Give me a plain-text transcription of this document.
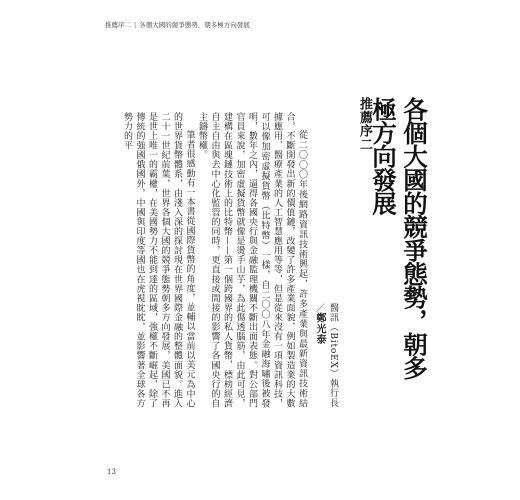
推薦序二 | 各個大國的競爭態勢，朝多極方向發展
推薦序二	各個大國的競爭態勢，朝多極方向發展
醫訊（BitoEX）執行長／鄭光泰

從二〇〇〇年後網路資訊技術興起，許多產業與最新資訊技術結合，不斷開發出新的價值鏈，改變了許多產業面貌，例如製造業的大數據應用、醫療產業的人工智慧應用等等，但是從來沒有一項資訊科技，可以像加密虛擬貨幣（比特幣）一樣，自二〇〇八年金融海嘯後被發明，數年之內，逼得各國央行與金融監理機關不斷出面表態。對公部門官員來說，加密虛擬貨幣就像是燙手山芋，為此傷透腦筋，由此可見，建構在區塊鏈技術上的比特幣——第一個跨國界的私人貨幣，標榜經濟自主自由與去中心化監管的同時，更直接或間接的影響了各國央行的自主鑄幣權。

筆者很感動有一本書從國際貨幣的角度，並輔以當前以美元為中心的世界貨幣體系，由淺入深的探討現在世界國際金融的整體面貌。進入二十一世紀前葉，世界各個大國的競爭態勢朝多方向發展，美國已不再是世上唯一的霸權，在美國勢力不能到達的區域，強權不斷崛起，除了傳統的強國俄國外，中國與印度等國也在虎視眈眈，並影響著全球各方勢力的平

13
